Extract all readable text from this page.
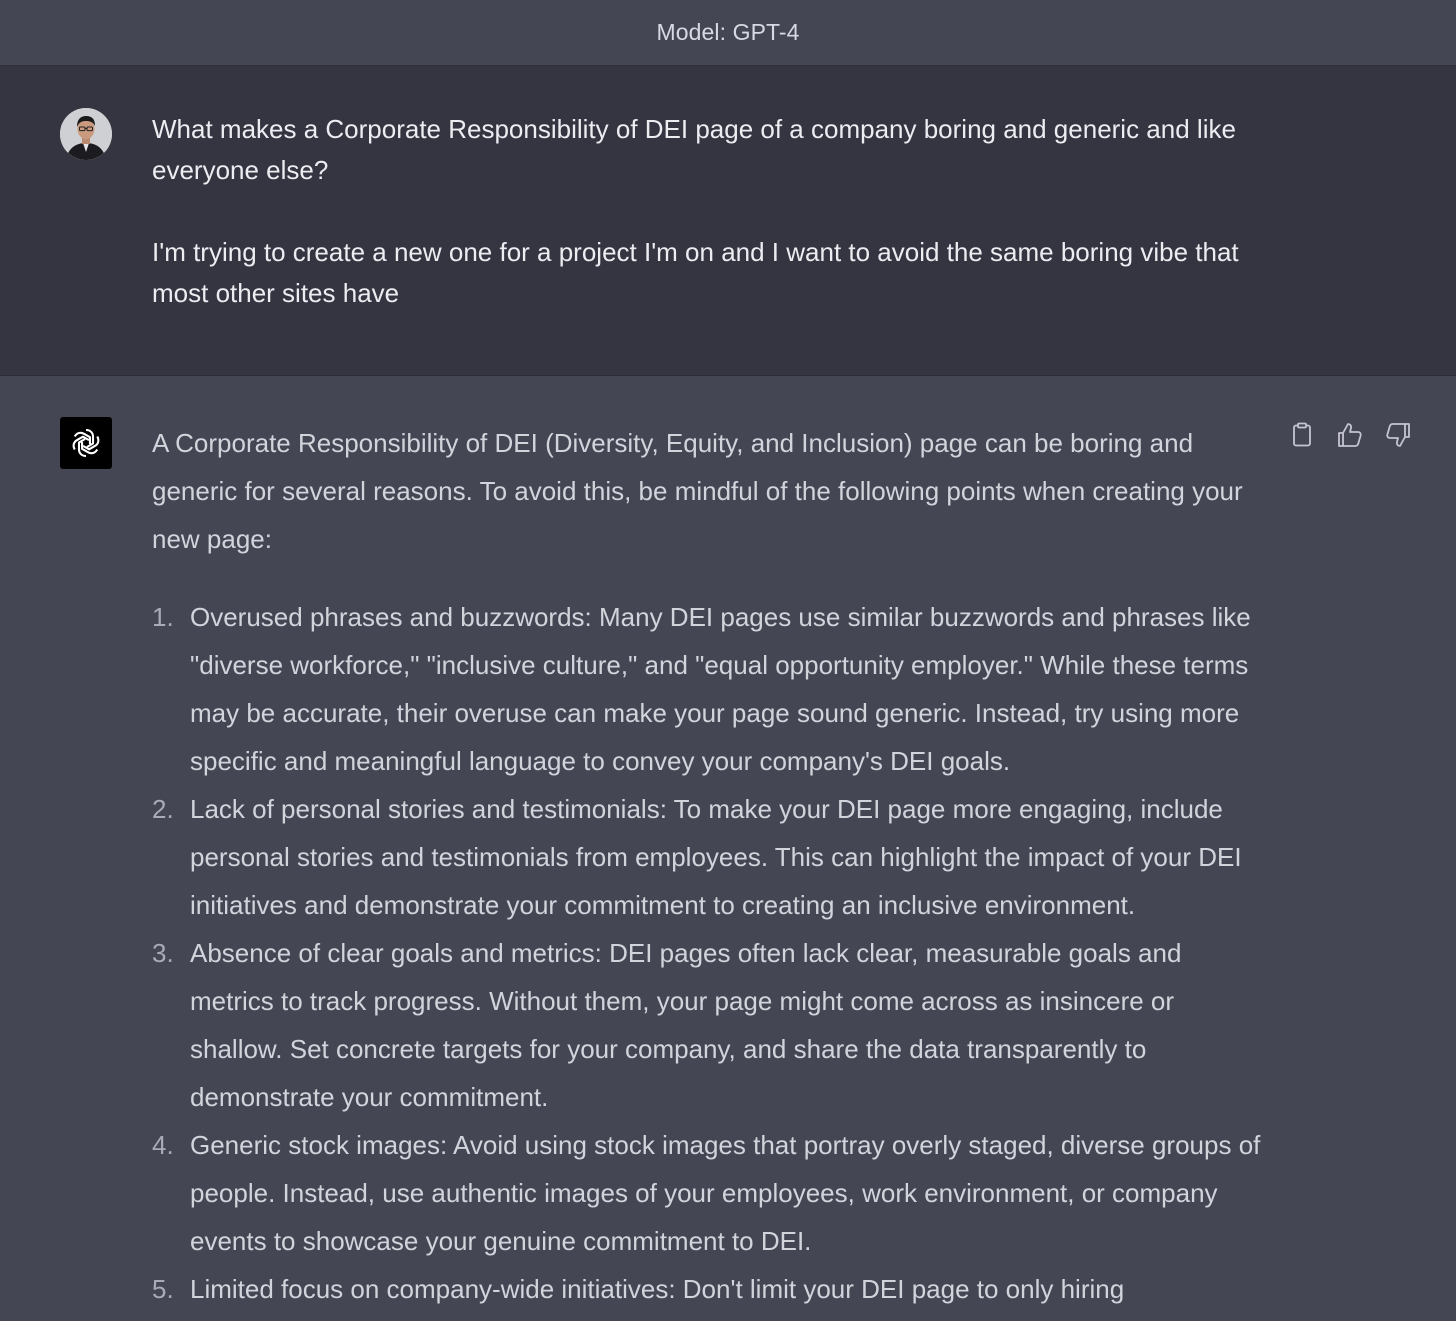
Model: GPT-4

What makes a Corporate Responsibility of DEI page of a company boring and generic and like everyone else?

I'm trying to create a new one for a project I'm on and I want to avoid the same boring vibe that most other sites have

A Corporate Responsibility of DEI (Diversity, Equity, and Inclusion) page can be boring and generic for several reasons. To avoid this, be mindful of the following points when creating your new page:

1. Overused phrases and buzzwords: Many DEI pages use similar buzzwords and phrases like "diverse workforce," "inclusive culture," and "equal opportunity employer." While these terms may be accurate, their overuse can make your page sound generic. Instead, try using more specific and meaningful language to convey your company's DEI goals.
2. Lack of personal stories and testimonials: To make your DEI page more engaging, include personal stories and testimonials from employees. This can highlight the impact of your DEI initiatives and demonstrate your commitment to creating an inclusive environment.
3. Absence of clear goals and metrics: DEI pages often lack clear, measurable goals and metrics to track progress. Without them, your page might come across as insincere or shallow. Set concrete targets for your company, and share the data transparently to demonstrate your commitment.
4. Generic stock images: Avoid using stock images that portray overly staged, diverse groups of people. Instead, use authentic images of your employees, work environment, or company events to showcase your genuine commitment to DEI.
5. Limited focus on company-wide initiatives: Don't limit your DEI page to only hiring
